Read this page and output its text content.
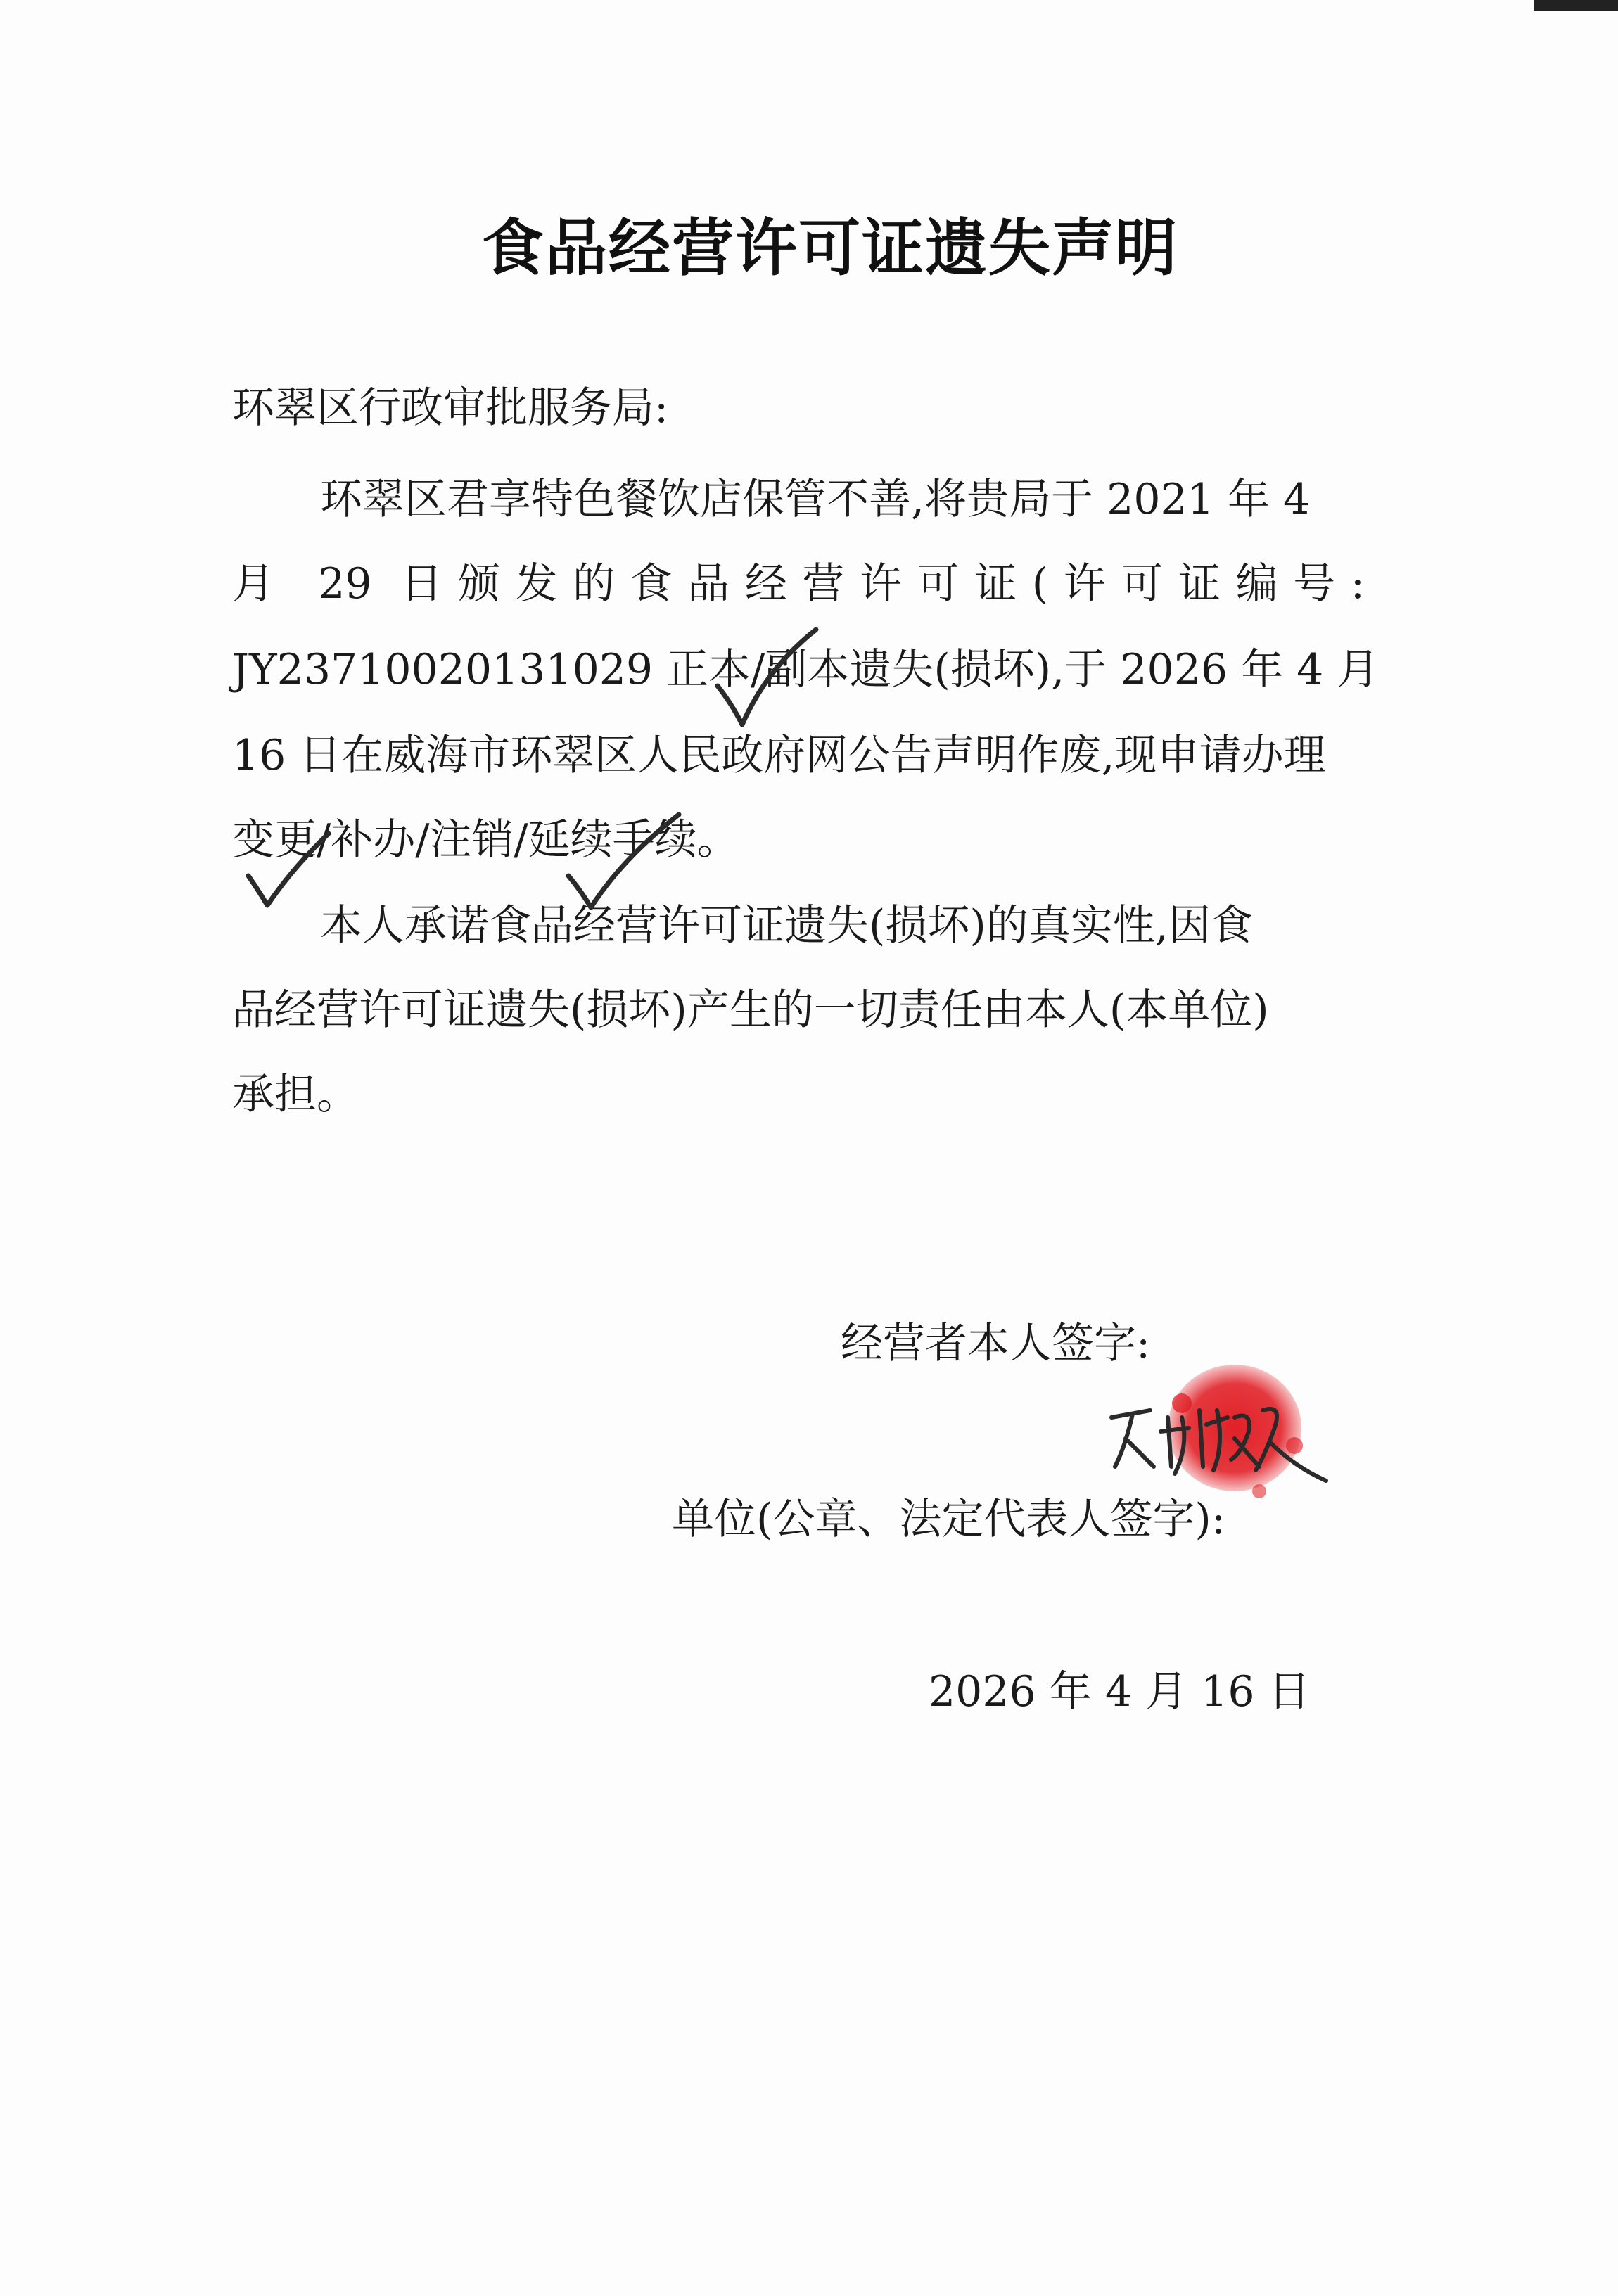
食品经营许可证遗失声明
环翠区行政审批服务局:
环翠区君享特色餐饮店保管不善,将贵局于 2021 年 4
月 29 日颁发的食品经营许可证(许可证编号:
JY23710020131029 正本/副本遗失(损坏),于 2026 年 4 月
16 日在威海市环翠区人民政府网公告声明作废,现申请办理
变更/补办/注销/延续手续。
本人承诺食品经营许可证遗失(损坏)的真实性,因食
品经营许可证遗失(损坏)产生的一切责任由本人(本单位)
承担。
经营者本人签字:
单位(公章、法定代表人签字):
2026 年 4 月 16 日
